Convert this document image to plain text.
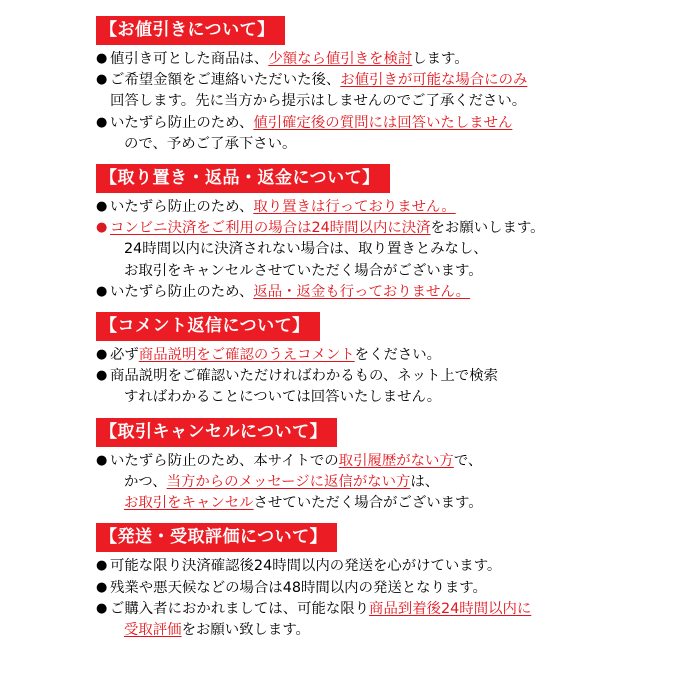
【お値引きについて】
● 値引き可とした商品は、少額なら値引きを検討します。
● ご希望金額をご連絡いただいた後、お値引きが可能な場合にのみ
回答します。先に当方から提示はしませんのでご了承ください。
● いたずら防止のため、値引確定後の質問には回答いたしません
ので、予めご了承下さい。
【取り置き・返品・返金について】
● いたずら防止のため、取り置きは行っておりません。
● コンビニ決済をご利用の場合は24時間以内に決済をお願いします。
24時間以内に決済されない場合は、取り置きとみなし、
お取引をキャンセルさせていただく場合がございます。
● いたずら防止のため、返品・返金も行っておりません。
【コメント返信について】
● 必ず商品説明をご確認のうえコメントをください。
● 商品説明をご確認いただければわかるもの、ネット上で検索
すればわかることについては回答いたしません。
【取引キャンセルについて】
● いたずら防止のため、本サイトでの取引履歴がない方で、
かつ、当方からのメッセージに返信がない方は、
お取引をキャンセルさせていただく場合がございます。
【発送・受取評価について】
● 可能な限り決済確認後24時間以内の発送を心がけています。
● 残業や悪天候などの場合は48時間以内の発送となります。
● ご購入者におかれましては、可能な限り商品到着後24時間以内に
受取評価をお願い致します。
